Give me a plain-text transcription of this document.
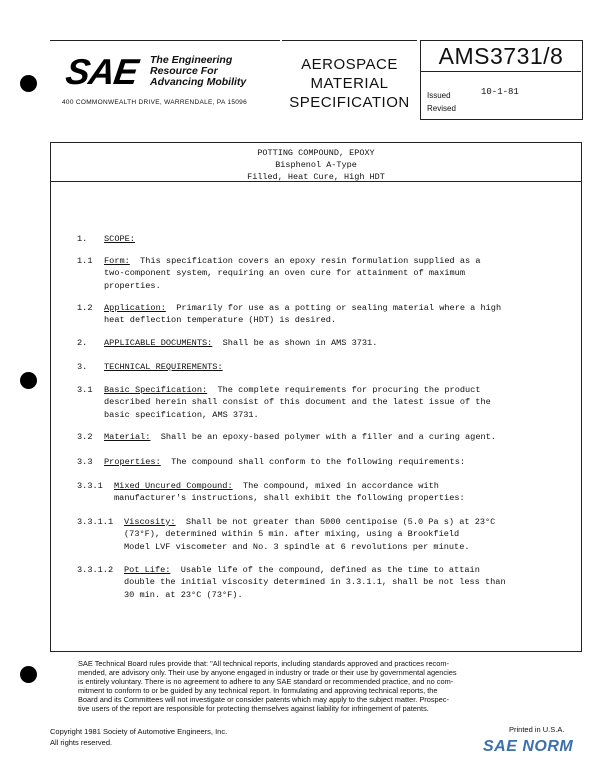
SAE The Engineering
Resource For
Advancing Mobility
400 COMMONWEALTH DRIVE, WARRENDALE, PA 15096
AEROSPACE
MATERIAL
SPECIFICATION
AMS3731/8
Issued	10-1-81
Revised
POTTING COMPOUND, EPOXY
Bisphenol A-Type
Filled, Heat Cure, High HDT
1. SCOPE:
1.1 Form: This specification covers an epoxy resin formulation supplied as a
two-component system, requiring an oven cure for attainment of maximum
properties.
1.2 Application: Primarily for use as a potting or sealing material where a high
heat deflection temperature (HDT) is desired.
2. APPLICABLE DOCUMENTS: Shall be as shown in AMS 3731.
3. TECHNICAL REQUIREMENTS:
3.1 Basic Specification: The complete requirements for procuring the product
described herein shall consist of this document and the latest issue of the
basic specification, AMS 3731.
3.2 Material: Shall be an epoxy-based polymer with a filler and a curing agent.
3.3 Properties: The compound shall conform to the following requirements:
3.3.1 Mixed Uncured Compound: The compound, mixed in accordance with
manufacturer's instructions, shall exhibit the following properties:
3.3.1.1 Viscosity: Shall be not greater than 5000 centipoise (5.0 Pa s) at 23°C
(73°F), determined within 5 min. after mixing, using a Brookfield
Model LVF viscometer and No. 3 spindle at 6 revolutions per minute.
3.3.1.2 Pot Life: Usable life of the compound, defined as the time to attain
double the initial viscosity determined in 3.3.1.1, shall be not less than
30 min. at 23°C (73°F).
SAE Technical Board rules provide that: "All technical reports, including standards approved and practices recom-
mended, are advisory only. Their use by anyone engaged in industry or trade or their use by governmental agencies
is entirely voluntary. There is no agreement to adhere to any SAE standard or recommended practice, and no com-
mitment to conform to or be guided by any technical report. In formulating and approving technical reports, the
Board and its Committees will not investigate or consider patents which may apply to the subject matter. Prospec-
tive users of the report are responsible for protecting themselves against liability for infringement of patents.
Copyright 1981 Society of Automotive Engineers, Inc.
All rights reserved.
Printed in U.S.A.
SAE NORM
